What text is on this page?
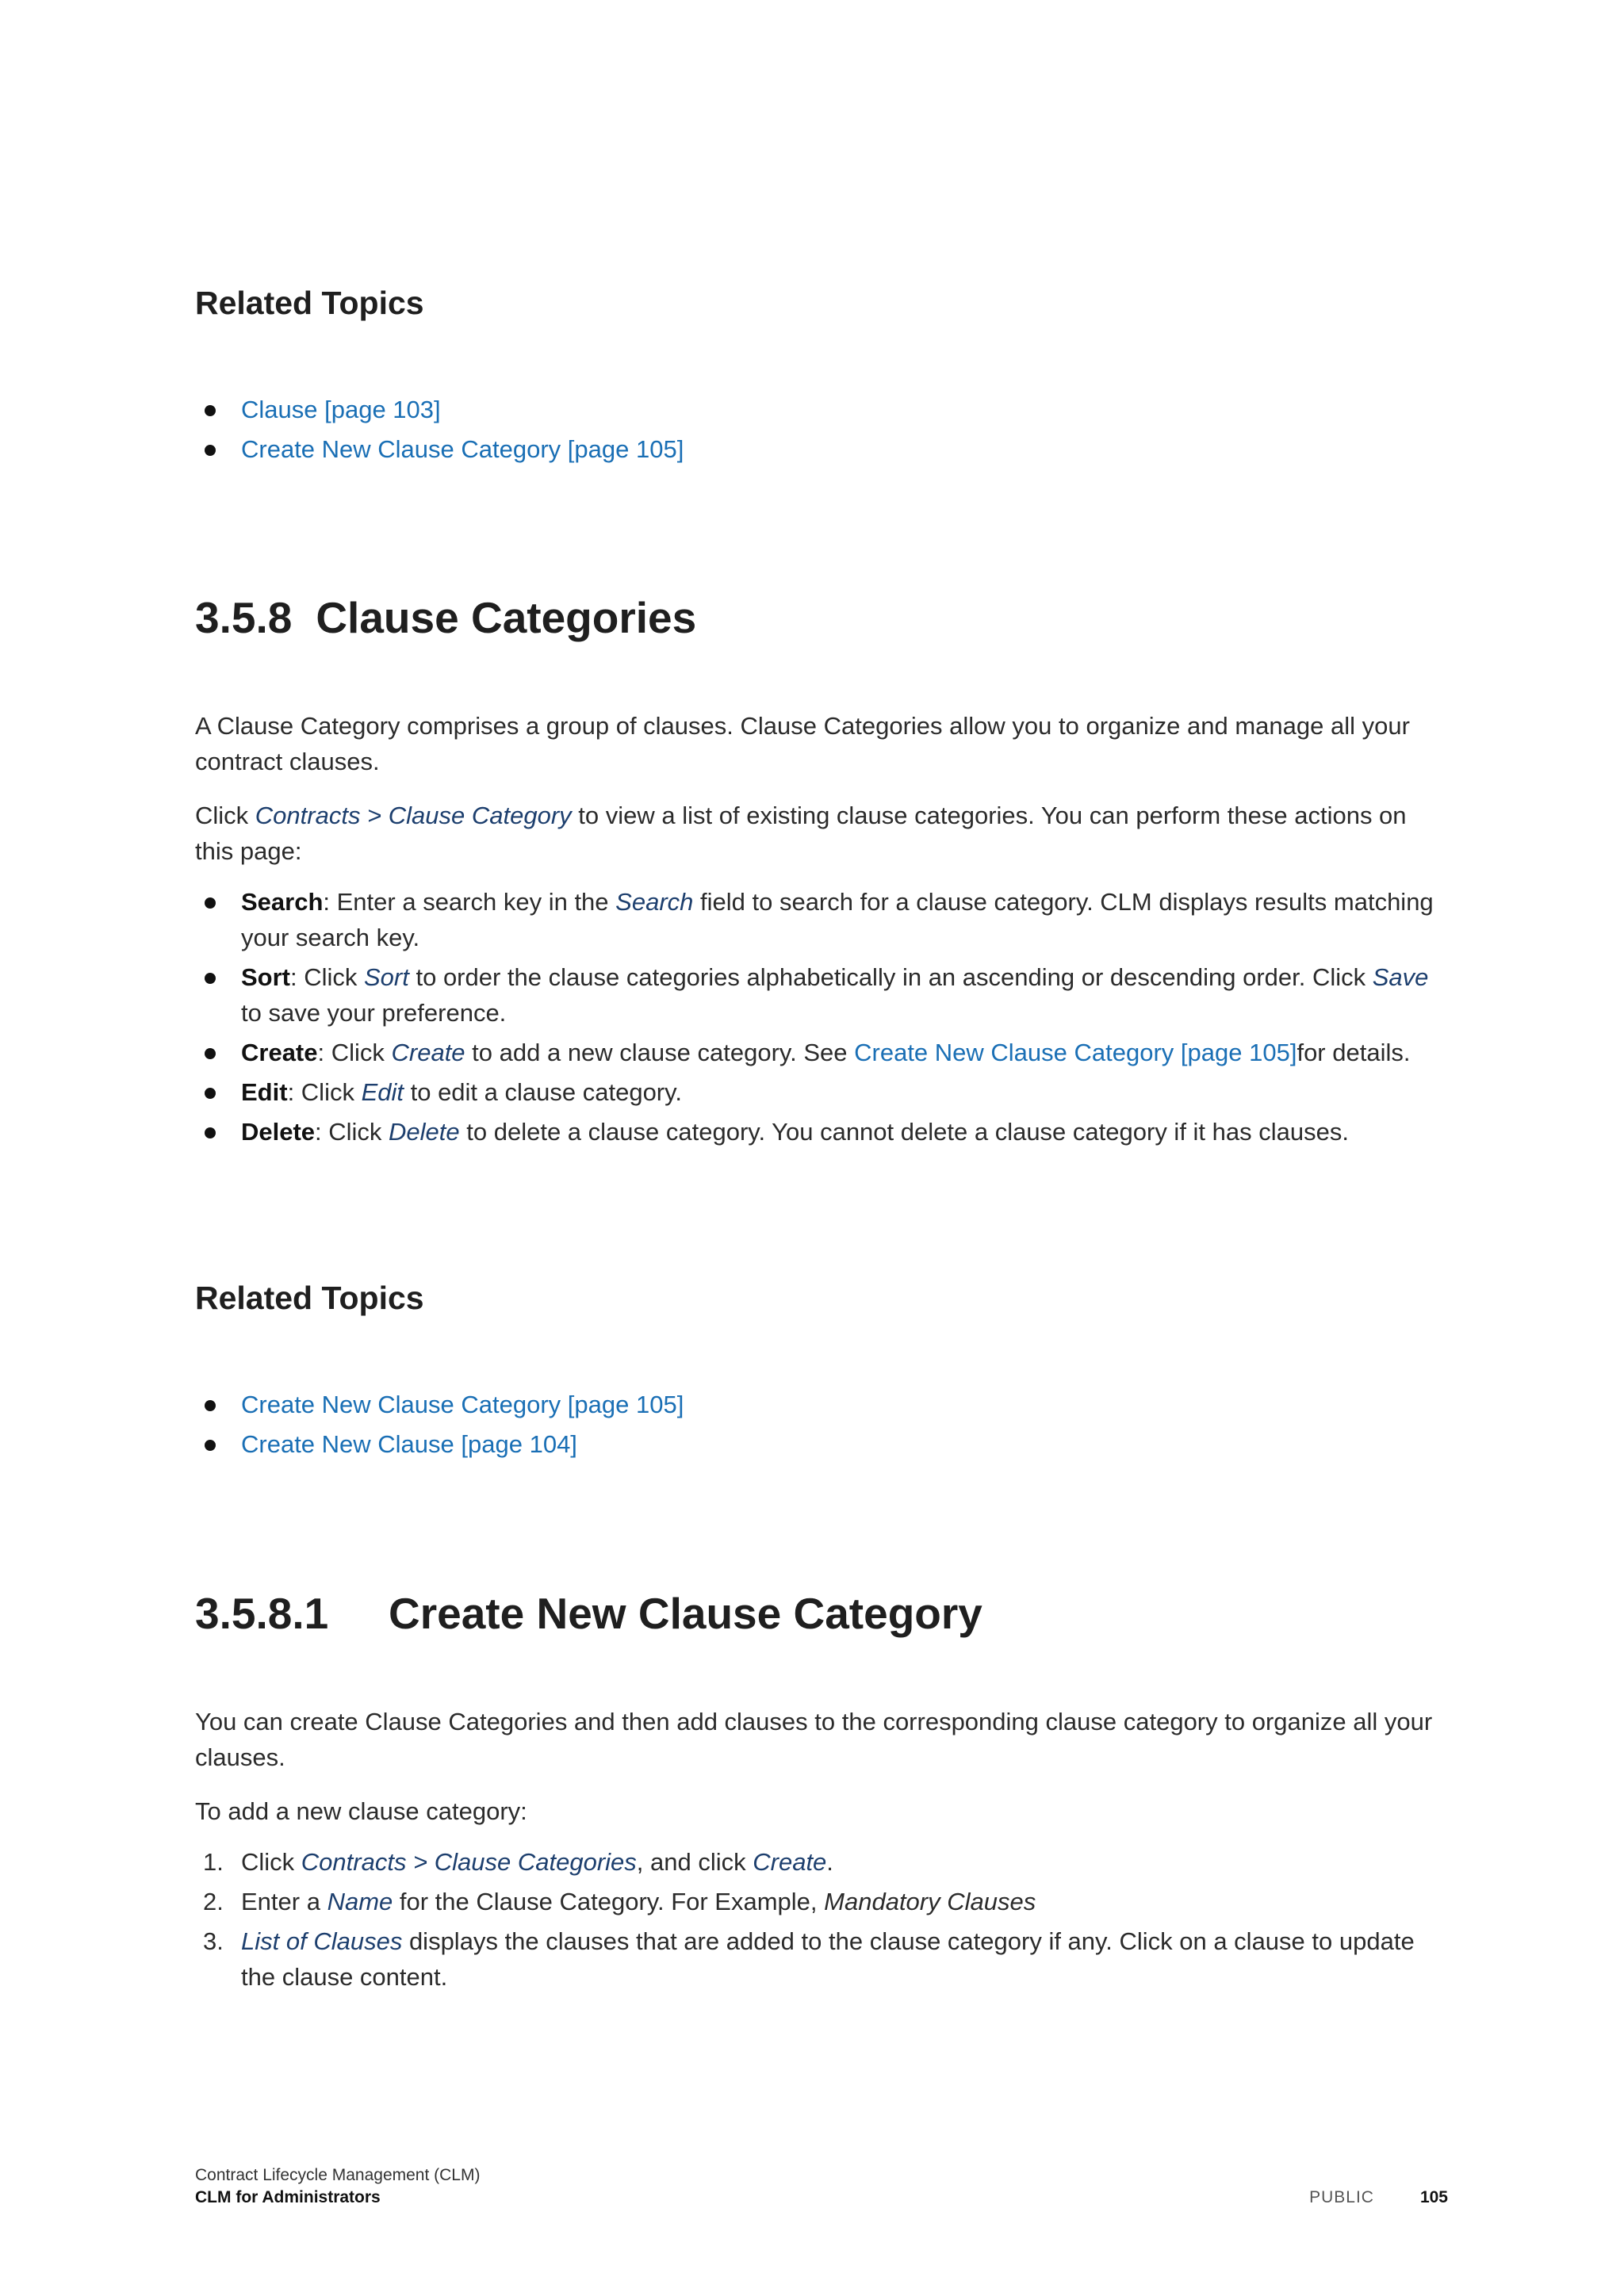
Related Topics
Clause [page 103]
Create New Clause Category [page 105]
3.5.8 Clause Categories

A Clause Category comprises a group of clauses. Clause Categories allow you to organize and manage all your contract clauses.

Click Contracts > Clause Category to view a list of existing clause categories. You can perform these actions on this page:

Search: Enter a search key in the Search field to search for a clause category. CLM displays results matching your search key.
Sort: Click Sort to order the clause categories alphabetically in an ascending or descending order. Click Save to save your preference.
Create: Click Create to add a new clause category. See Create New Clause Category [page 105]for details.
Edit: Click Edit to edit a clause category.
Delete: Click Delete to delete a clause category. You cannot delete a clause category if it has clauses.
Related Topics
Create New Clause Category [page 105]
Create New Clause [page 104]
3.5.8.1 Create New Clause Category

You can create Clause Categories and then add clauses to the corresponding clause category to organize all your clauses.

To add a new clause category:

1. Click Contracts > Clause Categories, and click Create.
2. Enter a Name for the Clause Category. For Example, Mandatory Clauses
3. List of Clauses displays the clauses that are added to the clause category if any. Click on a clause to update the clause content.
Contract Lifecycle Management (CLM)
CLM for Administrators	PUBLIC	105
